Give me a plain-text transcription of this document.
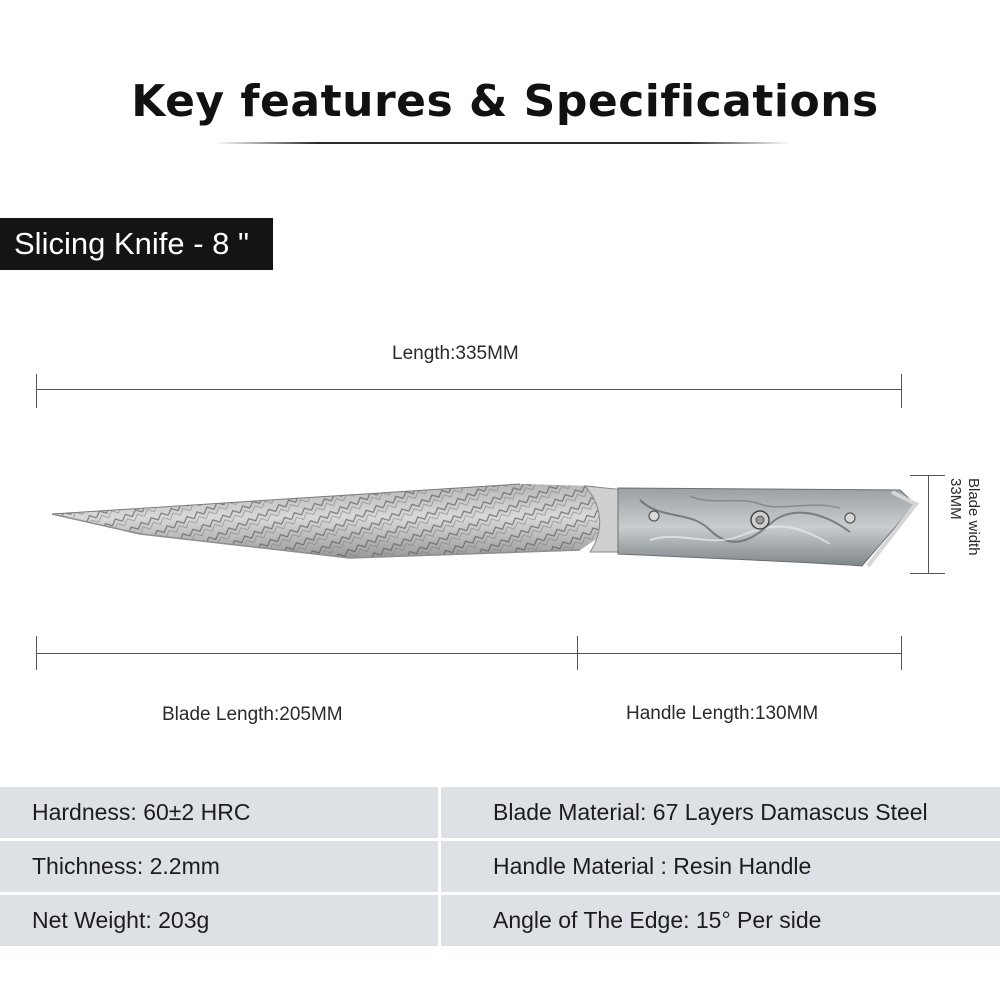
Key features & Specifications
Slicing Knife - 8 "
Length:335MM
Blade width 33MM
Blade Length:205MM	Handle Length:130MM
Hardness: 60±2 HRC	Blade Material: 67 Layers Damascus Steel
Thichness: 2.2mm	Handle Material : Resin Handle
Net Weight: 203g	Angle of The Edge: 15° Per side
